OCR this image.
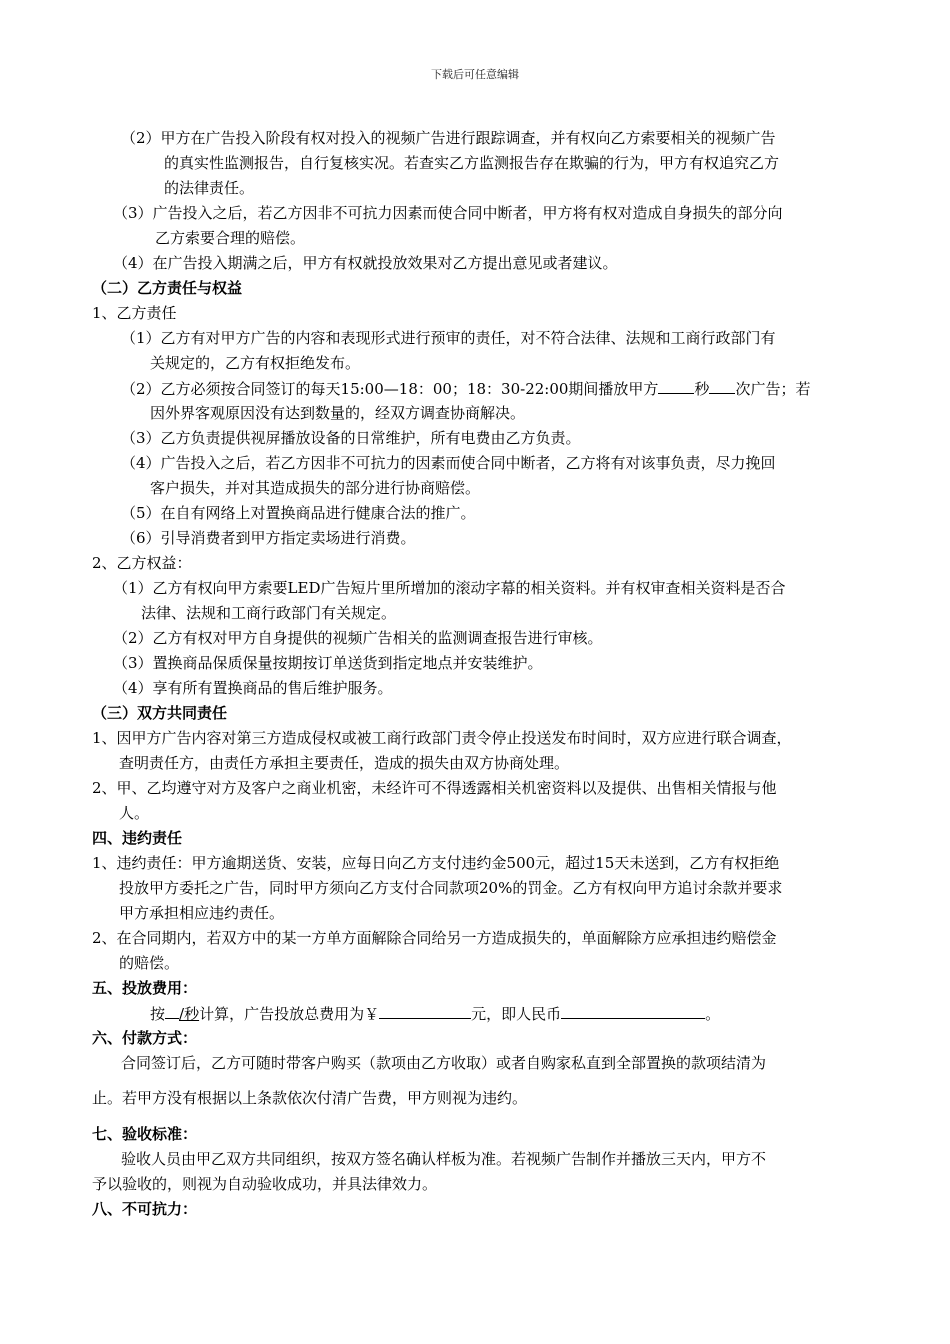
下载后可任意编辑
（2）甲方在广告投入阶段有权对投入的视频广告进行跟踪调查，并有权向乙方索要相关的视频广告
的真实性监测报告，自行复核实况。若查实乙方监测报告存在欺骗的行为，甲方有权追究乙方
的法律责任。
（3）广告投入之后，若乙方因非不可抗力因素而使合同中断者，甲方将有权对造成自身损失的部分向
乙方索要合理的赔偿。
（4）在广告投入期满之后，甲方有权就投放效果对乙方提出意见或者建议。
（二）乙方责任与权益
1、乙方责任
（1）乙方有对甲方广告的内容和表现形式进行预审的责任，对不符合法律、法规和工商行政部门有
关规定的，乙方有权拒绝发布。
（2）乙方必须按合同签订的每天15:00—18：00；18：30-22:00期间播放甲方 秒 次广告；若
因外界客观原因没有达到数量的，经双方调查协商解决。
（3）乙方负责提供视屏播放设备的日常维护，所有电费由乙方负责。
（4）广告投入之后，若乙方因非不可抗力的因素而使合同中断者，乙方将有对该事负责，尽力挽回
客户损失，并对其造成损失的部分进行协商赔偿。
（5）在自有网络上对置换商品进行健康合法的推广。
（6）引导消费者到甲方指定卖场进行消费。
2、乙方权益：
（1）乙方有权向甲方索要LED广告短片里所增加的滚动字幕的相关资料。并有权审查相关资料是否合
法律、法规和工商行政部门有关规定。
（2）乙方有权对甲方自身提供的视频广告相关的监测调查报告进行审核。
（3）置换商品保质保量按期按订单送货到指定地点并安装维护。
（4）享有所有置换商品的售后维护服务。
（三）双方共同责任
1、因甲方广告内容对第三方造成侵权或被工商行政部门责令停止投送发布时间时，双方应进行联合调查，
查明责任方，由责任方承担主要责任，造成的损失由双方协商处理。
2、甲、乙均遵守对方及客户之商业机密，未经许可不得透露相关机密资料以及提供、出售相关情报与他
人。
四、违约责任
1、违约责任：甲方逾期送货、安装，应每日向乙方支付违约金500元，超过15天未送到，乙方有权拒绝
投放甲方委托之广告，同时甲方须向乙方支付合同款项20%的罚金。乙方有权向甲方追讨余款并要求
甲方承担相应违约责任。
2、在合同期内，若双方中的某一方单方面解除合同给另一方造成损失的，单面解除方应承担违约赔偿金
的赔偿。
五、投放费用：
按 /秒计算，广告投放总费用为￥	元，即人民币	。
六、付款方式：
合同签订后，乙方可随时带客户购买（款项由乙方收取）或者自购家私直到全部置换的款项结清为
止。若甲方没有根据以上条款依次付清广告费，甲方则视为违约。
七、验收标准：
验收人员由甲乙双方共同组织，按双方签名确认样板为准。若视频广告制作并播放三天内，甲方不
予以验收的，则视为自动验收成功，并具法律效力。
八、不可抗力：
